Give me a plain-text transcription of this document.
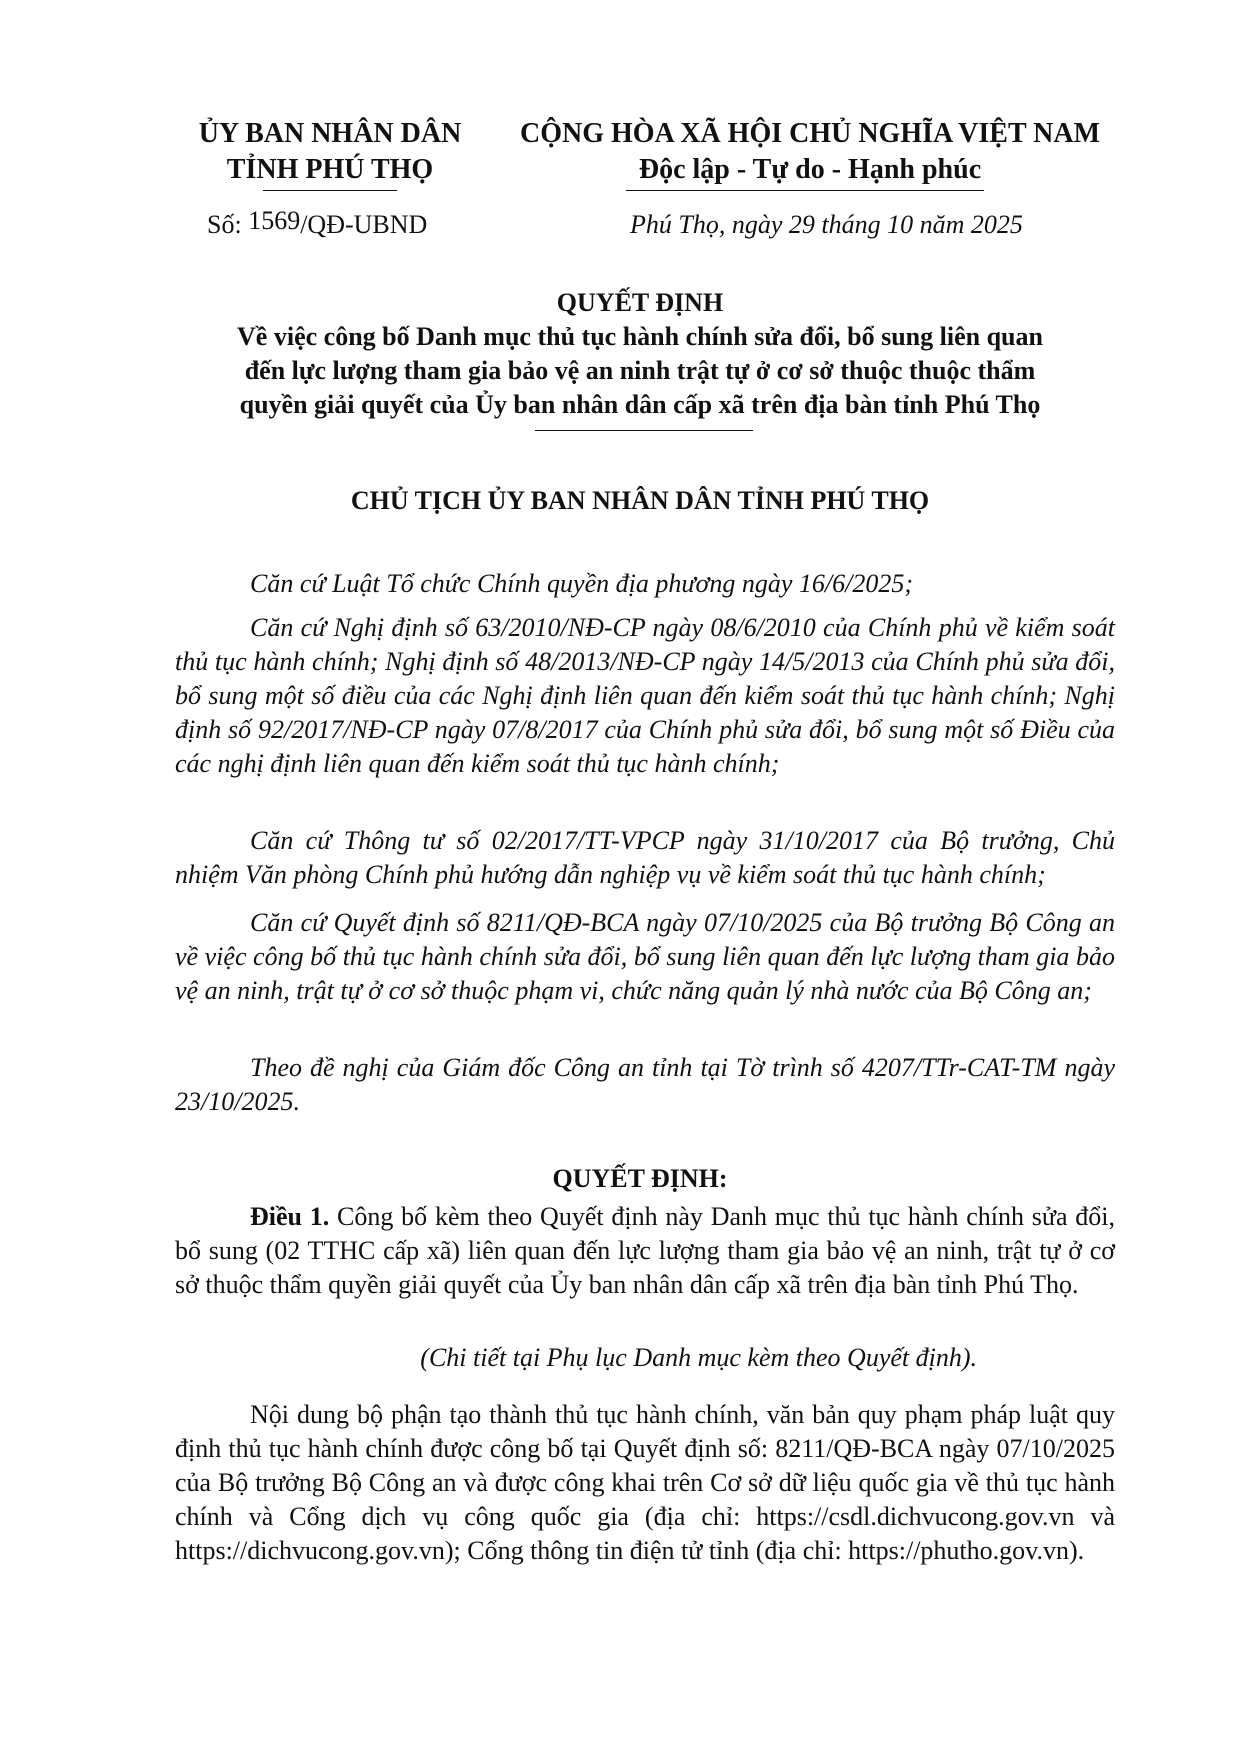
ỦY BAN NHÂN DÂN
TỈNH PHÚ THỌ
CỘNG HÒA XÃ HỘI CHỦ NGHĨA VIỆT NAM
Độc lập - Tự do - Hạnh phúc
Số: 1569/QĐ-UBND	Phú Thọ, ngày 29 tháng 10 năm 2025
QUYẾT ĐỊNH
Về việc công bố Danh mục thủ tục hành chính sửa đổi, bổ sung liên quan
đến lực lượng tham gia bảo vệ an ninh trật tự ở cơ sở thuộc thuộc thẩm
quyền giải quyết của Ủy ban nhân dân cấp xã trên địa bàn tỉnh Phú Thọ
CHỦ TỊCH ỦY BAN NHÂN DÂN TỈNH PHÚ THỌ

Căn cứ Luật Tổ chức Chính quyền địa phương ngày 16/6/2025;

Căn cứ Nghị định số 63/2010/NĐ-CP ngày 08/6/2010 của Chính phủ về kiểm soát thủ tục hành chính; Nghị định số 48/2013/NĐ-CP ngày 14/5/2013 của Chính phủ sửa đổi, bổ sung một số điều của các Nghị định liên quan đến kiểm soát thủ tục hành chính; Nghị định số 92/2017/NĐ-CP ngày 07/8/2017 của Chính phủ sửa đổi, bổ sung một số Điều của các nghị định liên quan đến kiểm soát thủ tục hành chính;

Căn cứ Thông tư số 02/2017/TT-VPCP ngày 31/10/2017 của Bộ trưởng, Chủ nhiệm Văn phòng Chính phủ hướng dẫn nghiệp vụ về kiểm soát thủ tục hành chính;

Căn cứ Quyết định số 8211/QĐ-BCA ngày 07/10/2025 của Bộ trưởng Bộ Công an về việc công bố thủ tục hành chính sửa đổi, bổ sung liên quan đến lực lượng tham gia bảo vệ an ninh, trật tự ở cơ sở thuộc phạm vi, chức năng quản lý nhà nước của Bộ Công an;

Theo đề nghị của Giám đốc Công an tỉnh tại Tờ trình số 4207/TTr-CAT-TM ngày 23/10/2025.

QUYẾT ĐỊNH:

Điều 1. Công bố kèm theo Quyết định này Danh mục thủ tục hành chính sửa đổi, bổ sung (02 TTHC cấp xã) liên quan đến lực lượng tham gia bảo vệ an ninh, trật tự ở cơ sở thuộc thẩm quyền giải quyết của Ủy ban nhân dân cấp xã trên địa bàn tỉnh Phú Thọ.

(Chi tiết tại Phụ lục Danh mục kèm theo Quyết định).

Nội dung bộ phận tạo thành thủ tục hành chính, văn bản quy phạm pháp luật quy định thủ tục hành chính được công bố tại Quyết định số: 8211/QĐ-BCA ngày 07/10/2025 của Bộ trưởng Bộ Công an và được công khai trên Cơ sở dữ liệu quốc gia về thủ tục hành chính và Cổng dịch vụ công quốc gia (địa chỉ: https://csdl.dichvucong.gov.vn và https://dichvucong.gov.vn); Cổng thông tin điện tử tỉnh (địa chỉ: https://phutho.gov.vn).
